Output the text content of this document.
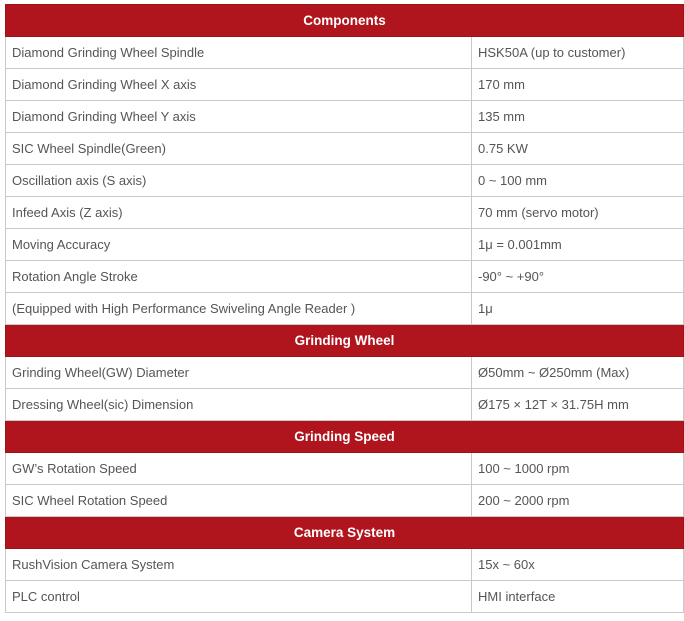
Components	
Diamond Grinding Wheel Spindle	HSK50A (up to customer)
Diamond Grinding Wheel X axis	170 mm
Diamond Grinding Wheel Y axis	135 mm
SIC Wheel Spindle(Green)	0.75 KW
Oscillation axis (S axis)	0 ~ 100 mm
Infeed Axis (Z axis)	70 mm (servo motor)
Moving Accuracy	1μ = 0.001mm
Rotation Angle Stroke	-90° ~ +90°
(Equipped with High Performance Swiveling Angle Reader )	1μ
Grinding Wheel	
Grinding Wheel(GW) Diameter	Ø50mm ~ Ø250mm (Max)
Dressing Wheel(sic) Dimension	Ø175 × 12T × 31.75H mm
Grinding Speed	
GW’s Rotation Speed	100 ~ 1000 rpm
SIC Wheel Rotation Speed	200 ~ 2000 rpm
Camera System	
RushVision Camera System	15x ~ 60x
PLC control	HMI interface
